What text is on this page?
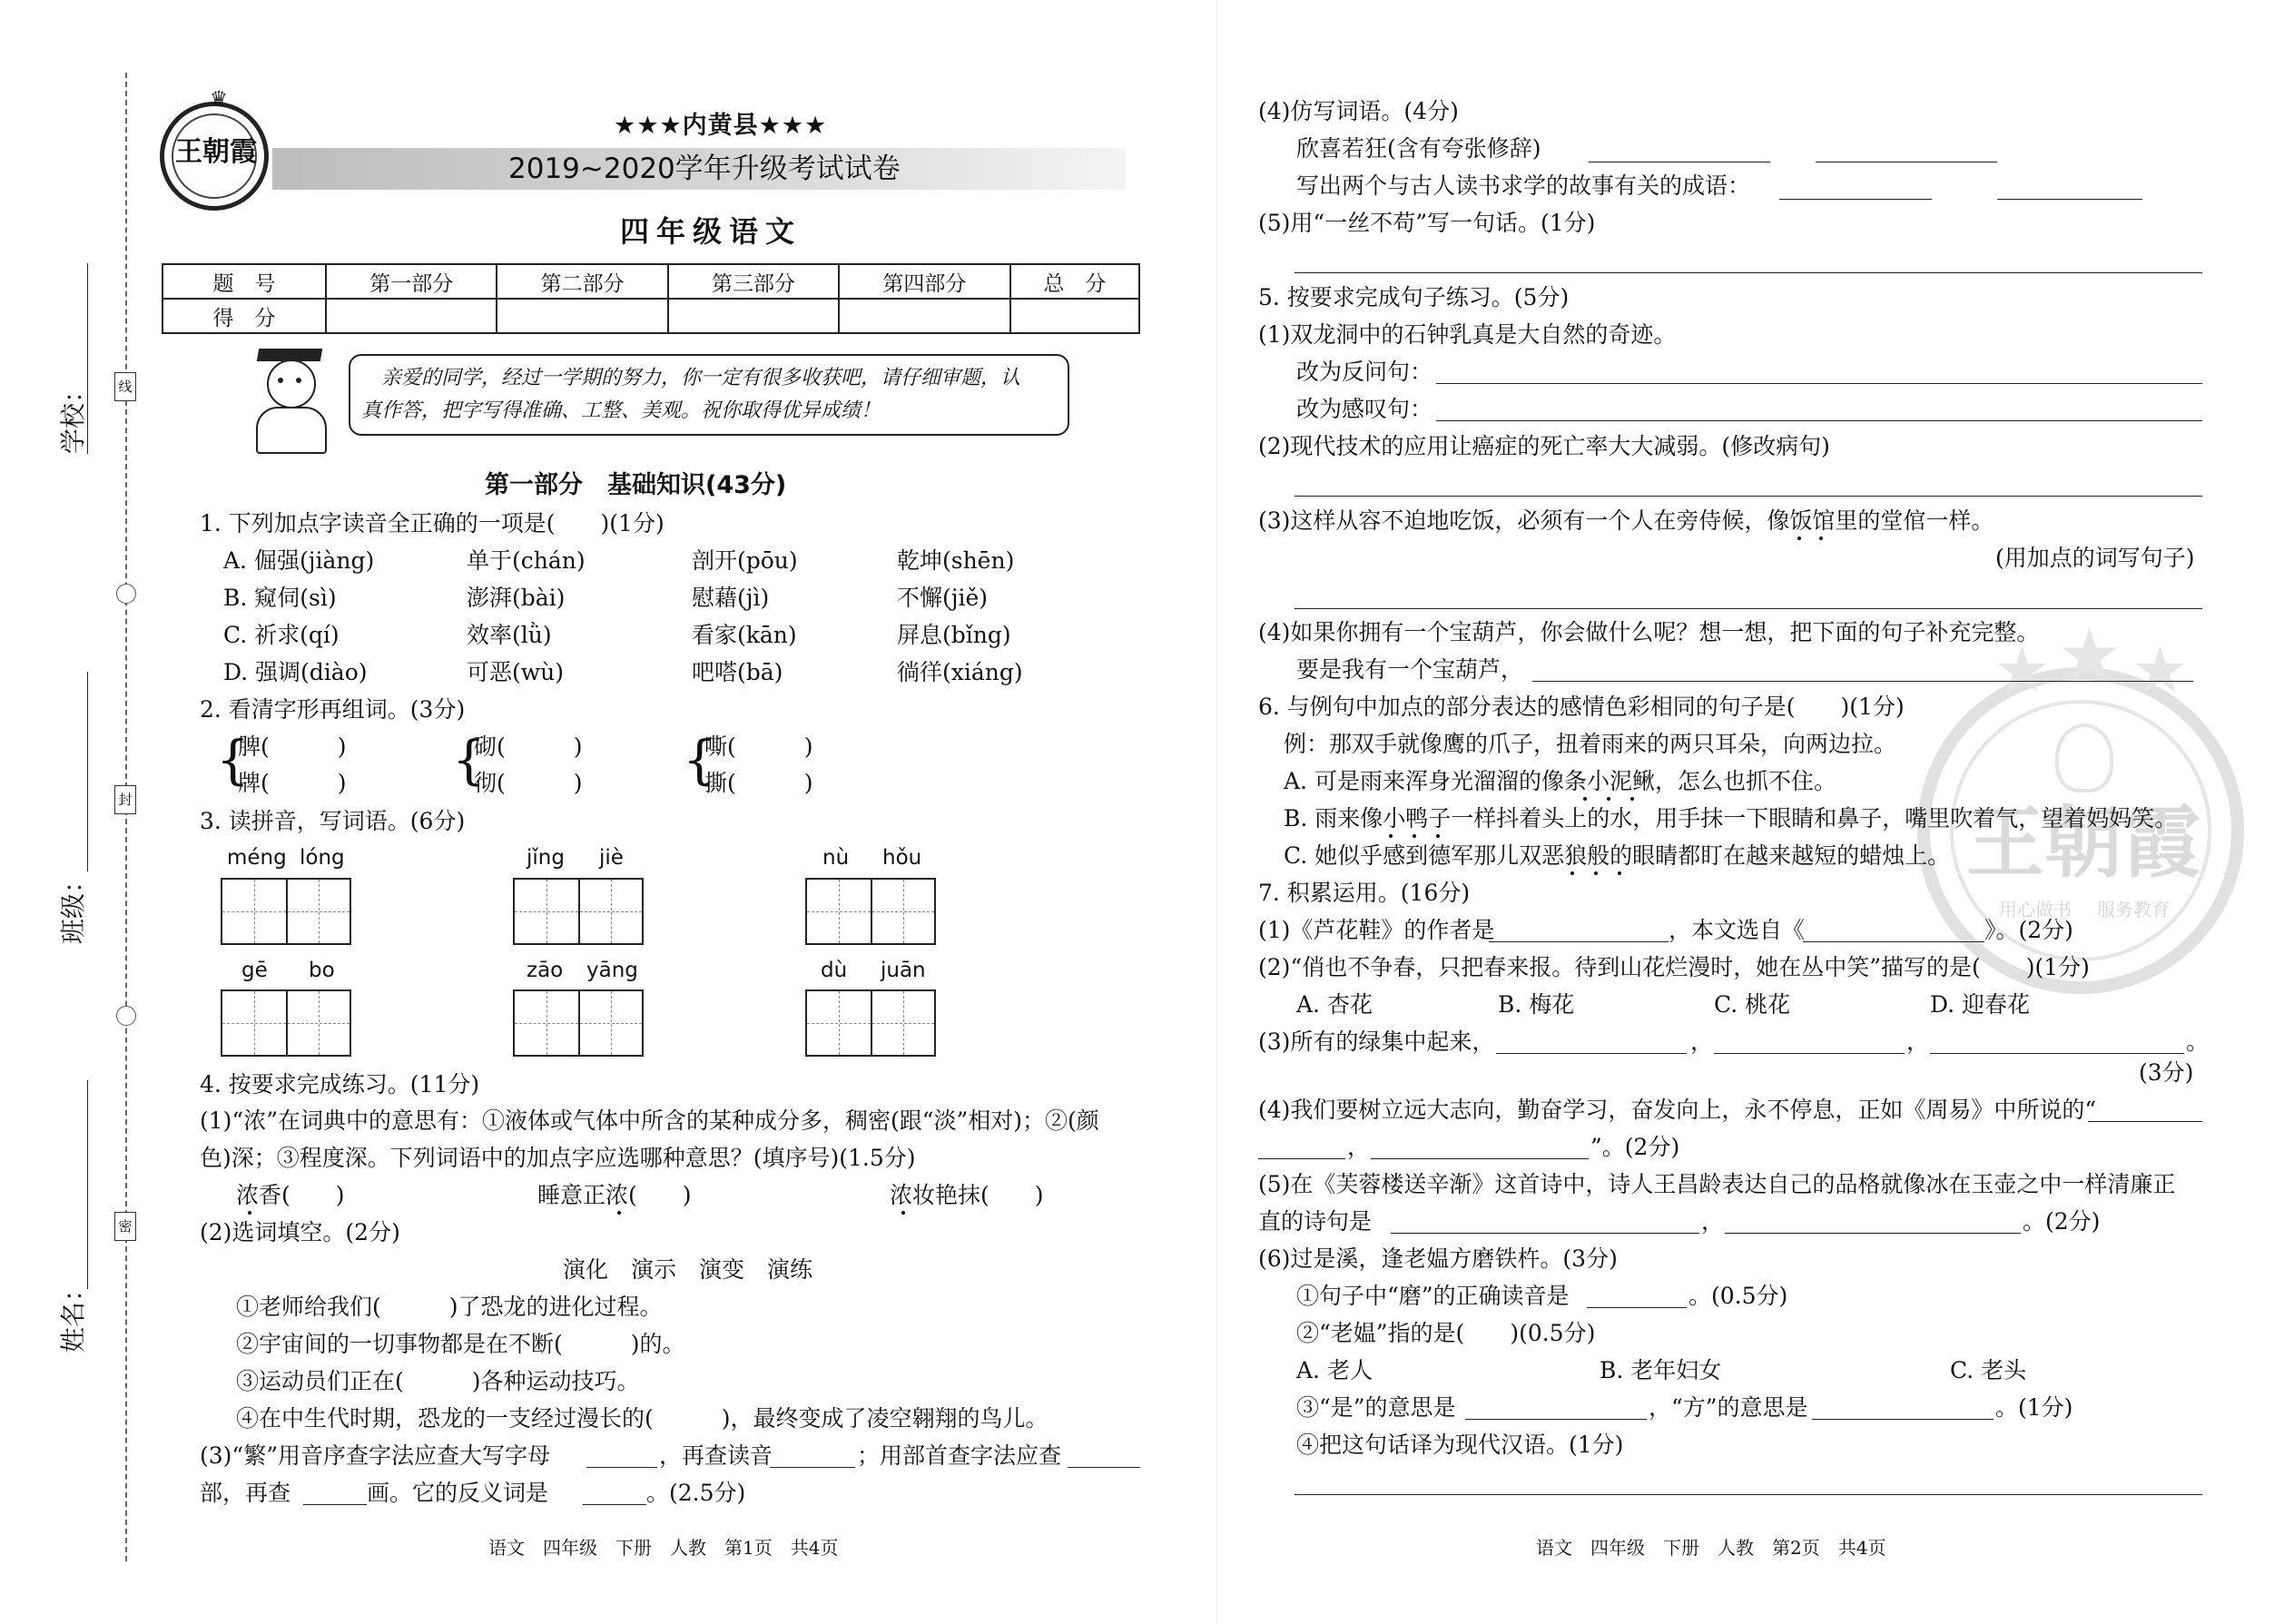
学校：
班级：
姓名：
线
封
密
♛
王朝霞
★★★内黄县★★★
2019~2020学年升级考试试卷
四年级语文
题　号	第一部分	第二部分	第三部分	第四部分	总　分
得　分					
亲爱的同学，经过一学期的努力，你一定有很多收获吧，请仔细审题，认
真作答，把字写得准确、工整、美观。祝你取得优异成绩！
第一部分　基础知识(43分)
1. 下列加点字读音全正确的一项是(　　)(1分)
A. 倔强(jiàng)	单于(chán)	剖开(pōu)	乾坤(shēn)
B. 窥伺(sì)	澎湃(bài)	慰藉(jì)	不懈(jiě)
C. 祈求(qí)	效率(lǜ)	看家(kān)	屏息(bǐng)
D. 强调(diào)	可恶(wù)	吧嗒(bā)	徜徉(xiáng)
2. 看清字形再组词。(3分)
{
脾(　　　)
牌(　　　) {
砌(　　　)
彻(　　　) {
嘶(　　　)
撕(　　　)
3. 读拼音，写词语。(6分)
méng lóng	jǐng jiè	nù hǒu
gē bo	zāo yāng	dù juān
4. 按要求完成练习。(11分)
(1)“浓”在词典中的意思有：①液体或气体中所含的某种成分多，稠密(跟“淡”相对)；②(颜
色)深；③程度深。下列词语中的加点字应选哪种意思？(填序号)(1.5分)
浓香(　　)	睡意正浓(　　)	浓妆艳抹(　　)
(2)选词填空。(2分)
演化　演示　演变　演练
①老师给我们(　　　)了恐龙的进化过程。
②宇宙间的一切事物都是在不断(　　　)的。
③运动员们正在(　　　)各种运动技巧。
④在中生代时期，恐龙的一支经过漫长的(　　　)，最终变成了凌空翱翔的鸟儿。
(3)“繁”用音序查字法应查大写字母	，再查读音	；用部首查字法应查
部，再查	画。它的反义词是	。(2.5分)
语文　四年级　下册　人教　第1页　共4页
★ ★ ★
王朝霞
用心做书 服务教育
(4)仿写词语。(4分)
欣喜若狂(含有夸张修辞)
写出两个与古人读书求学的故事有关的成语：
(5)用“一丝不苟”写一句话。(1分)
5. 按要求完成句子练习。(5分)
(1)双龙洞中的石钟乳真是大自然的奇迹。
改为反问句：
改为感叹句：
(2)现代技术的应用让癌症的死亡率大大减弱。(修改病句)
(3)这样从容不迫地吃饭，必须有一个人在旁侍候，像饭馆里的堂倌一样。
(用加点的词写句子)
(4)如果你拥有一个宝葫芦，你会做什么呢？想一想，把下面的句子补充完整。
要是我有一个宝葫芦，
6. 与例句中加点的部分表达的感情色彩相同的句子是(　　)(1分)
例：那双手就像鹰的爪子，扭着雨来的两只耳朵，向两边拉。
A. 可是雨来浑身光溜溜的像条小泥鳅，怎么也抓不住。
B. 雨来像小鸭子一样抖着头上的水，用手抹一下眼睛和鼻子，嘴里吹着气，望着妈妈笑。
C. 她似乎感到德军那儿双恶狼般的眼睛都盯在越来越短的蜡烛上。
7. 积累运用。(16分)
(1)《芦花鞋》的作者是	，本文选自《	》。(2分)
(2)“俏也不争春，只把春来报。待到山花烂漫时，她在丛中笑”描写的是(　　)(1分)
A. 杏花	B. 梅花	C. 桃花	D. 迎春花
(3)所有的绿集中起来，	，	，	。
(3分)
(4)我们要树立远大志向，勤奋学习，奋发向上，永不停息，正如《周易》中所说的“
，	”。(2分)
(5)在《芙蓉楼送辛渐》这首诗中，诗人王昌龄表达自己的品格就像冰在玉壶之中一样清廉正
直的诗句是	，	。(2分)
(6)过是溪，逢老媪方磨铁杵。(3分)
①句子中“磨”的正确读音是	。(0.5分)
②“老媪”指的是(　　)(0.5分)
A. 老人	B. 老年妇女	C. 老头
③“是”的意思是	，“方”的意思是	。(1分)
④把这句话译为现代汉语。(1分)
语文　四年级　下册　人教　第2页　共4页
